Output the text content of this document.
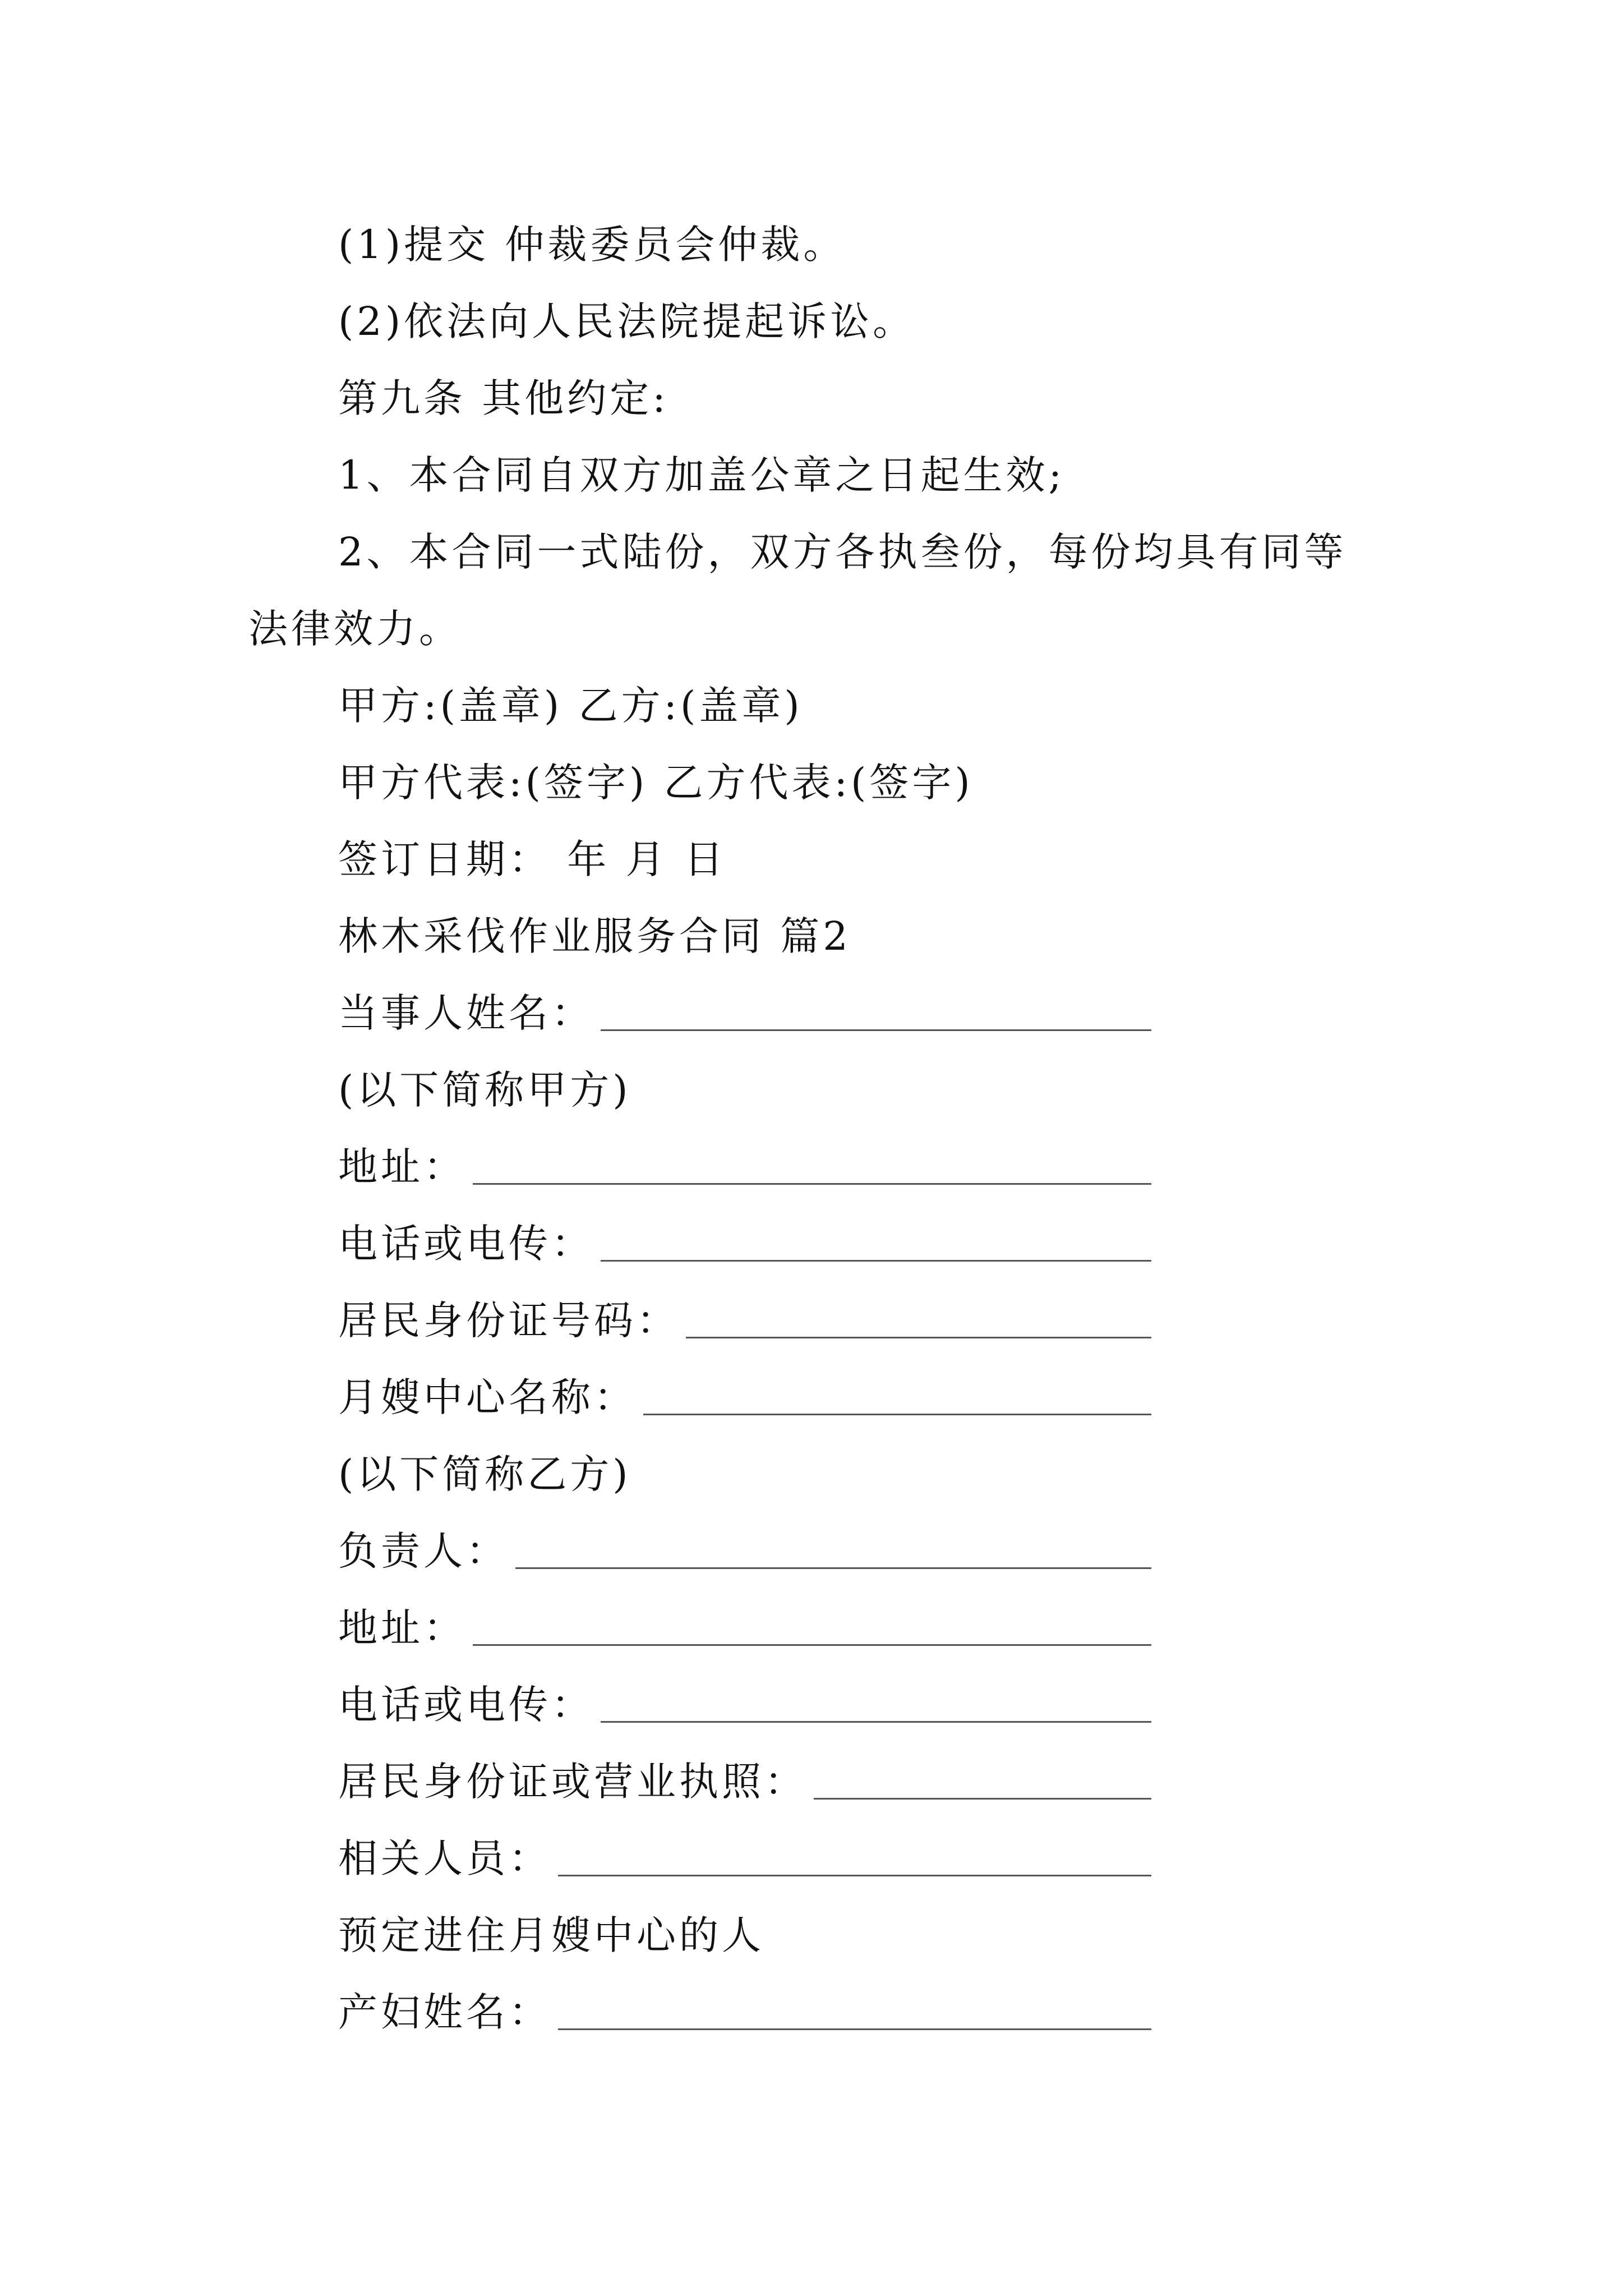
(1)提交 仲裁委员会仲裁。
(2)依法向人民法院提起诉讼。
第九条 其他约定:
1、本合同自双方加盖公章之日起生效;
2、本合同一式陆份，双方各执叁份，每份均具有同等
法律效力。
甲方:(盖章) 乙方:(盖章)
甲方代表:(签字) 乙方代表:(签字)
签订日期： 年 月 日
林木采伐作业服务合同 篇2
当事人姓名：
(以下简称甲方)
地址：
电话或电传：
居民身份证号码：
月嫂中心名称：
(以下简称乙方)
负责人：
地址：
电话或电传：
居民身份证或营业执照：
相关人员：
预定进住月嫂中心的人
产妇姓名：
